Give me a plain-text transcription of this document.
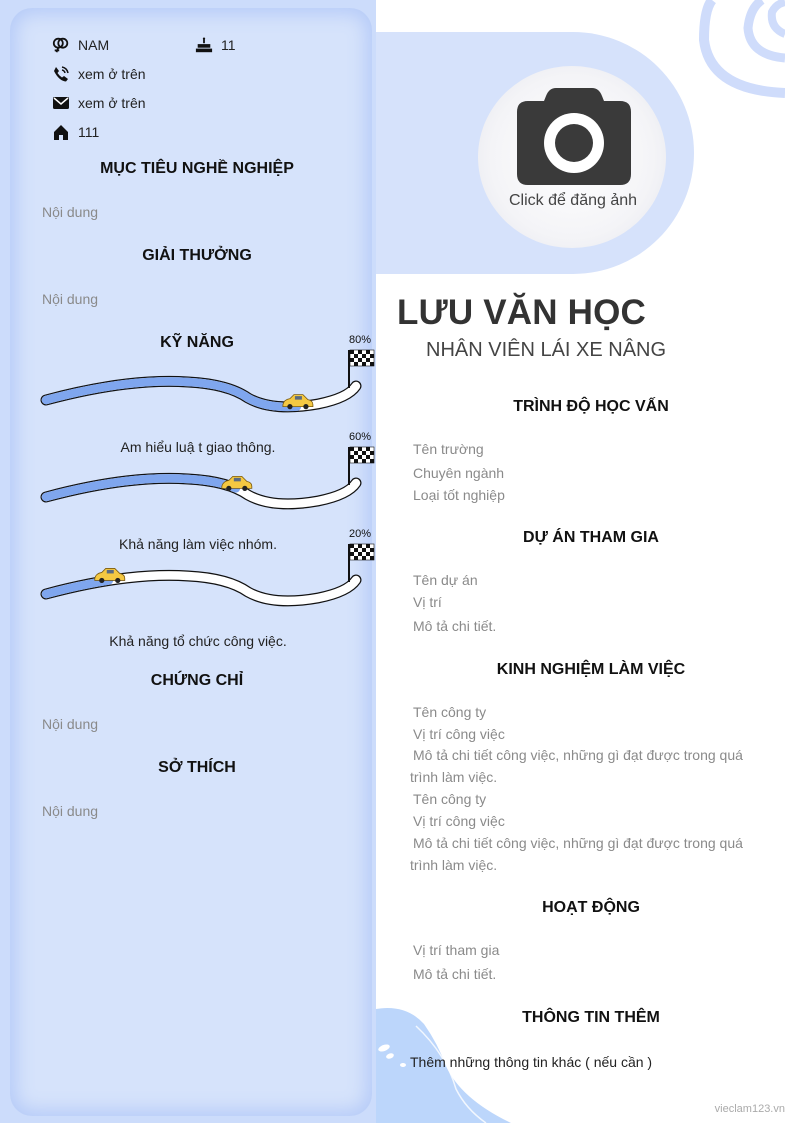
NAM	11
xem ở trên
xem ở trên
111
MỤC TIÊU NGHỀ NGHIỆP
Nội dung
GIẢI THƯỞNG
Nội dung
KỸ NĂNG	80%
Am hiểu luậ t giao thông.
60%
Khả năng làm việc nhóm.
20%
Khả năng tổ chức công việc.
CHỨNG CHỈ
Nội dung
SỞ THÍCH
Nội dung
Click để đăng ảnh
LƯU VĂN HỌC
NHÂN VIÊN LÁI XE NÂNG
TRÌNH ĐỘ HỌC VẤN
Tên trường
Chuyên ngành
Loại tốt nghiệp
DỰ ÁN THAM GIA
Tên dự án
Vị trí
Mô tả chi tiết.
KINH NGHIỆM LÀM VIỆC
Tên công ty
Vị trí công việc
Mô tả chi tiết công việc, những gì đạt được trong quá trình làm việc.
Tên công ty
Vị trí công việc
Mô tả chi tiết công việc, những gì đạt được trong quá trình làm việc.
HOẠT ĐỘNG
Vị trí tham gia
Mô tả chi tiết.
THÔNG TIN THÊM
Thêm những thông tin khác ( nếu cần )
vieclam123.vn
